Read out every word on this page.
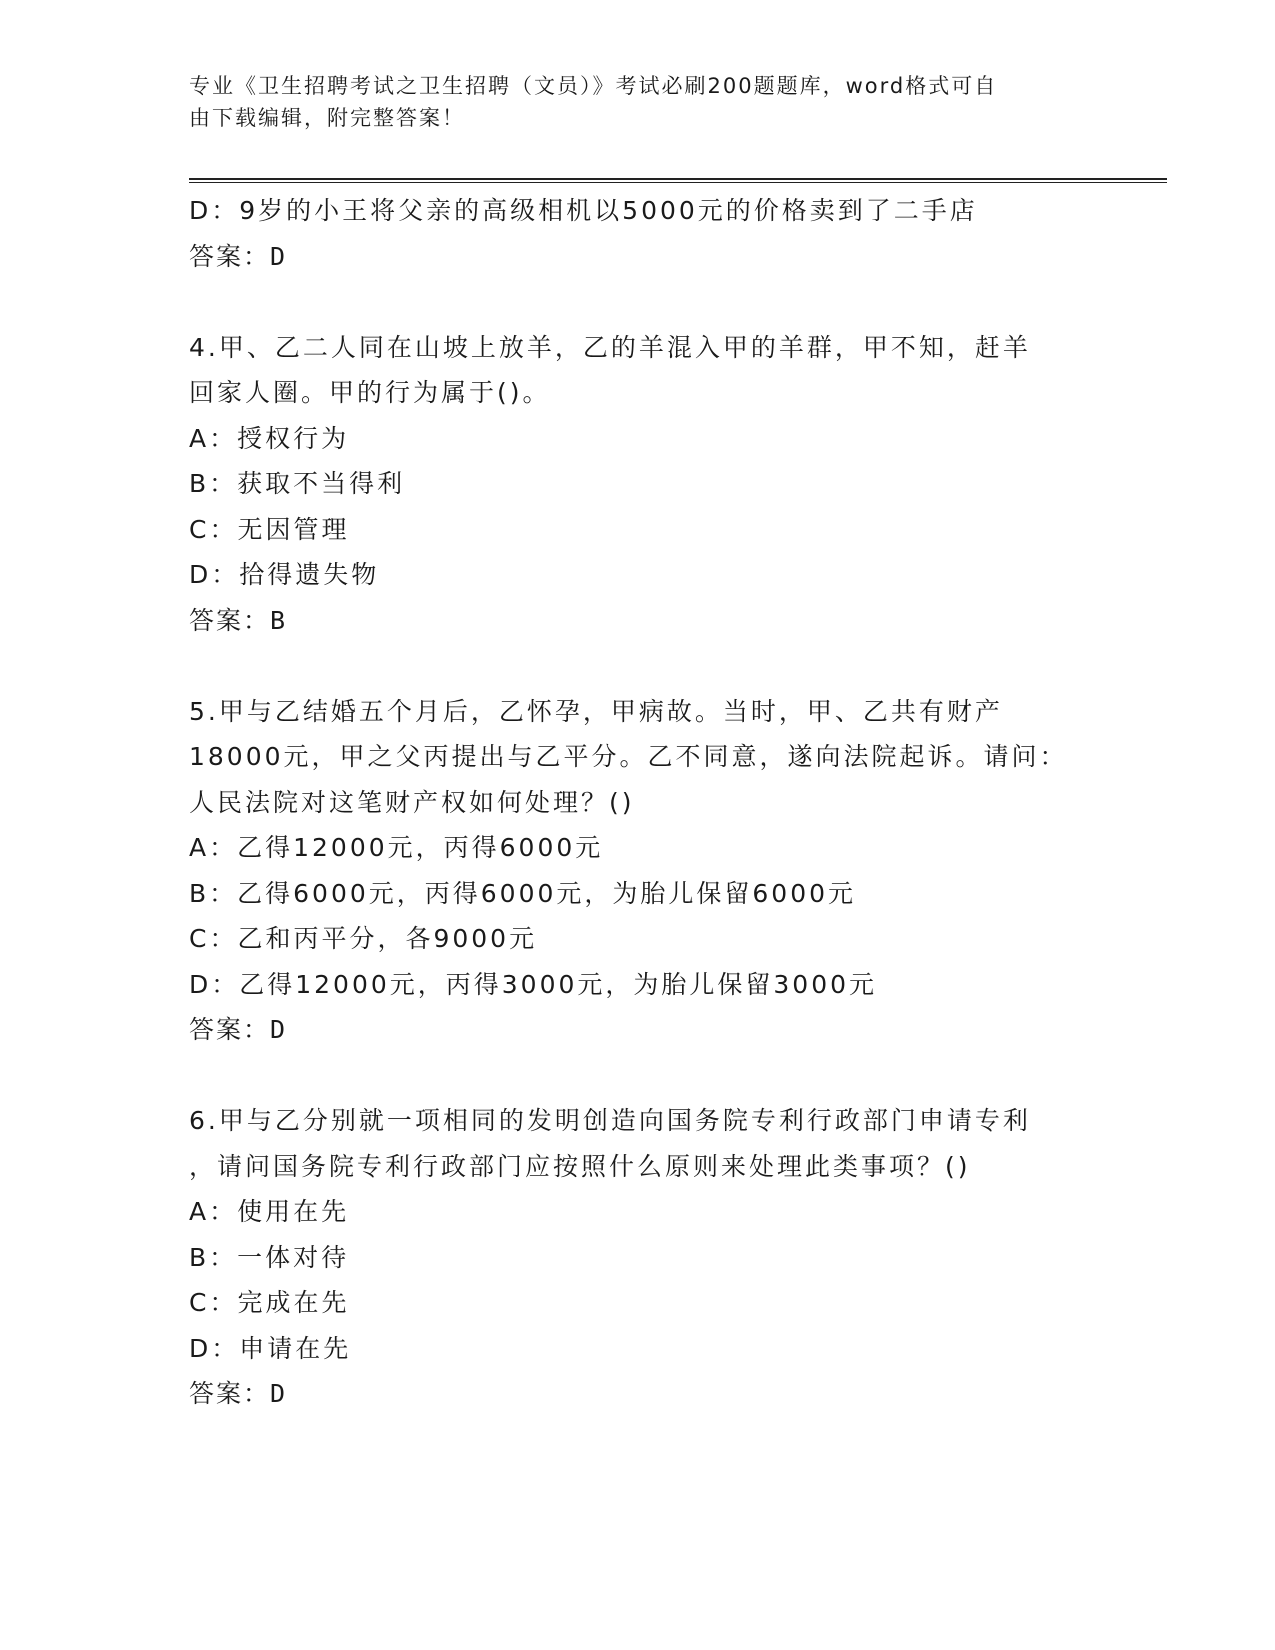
专业《卫生招聘考试之卫生招聘（文员）》考试必刷200题题库，word格式可自
由下载编辑，附完整答案！
D：9岁的小王将父亲的高级相机以5000元的价格卖到了二手店
答案：D
4.甲、乙二人同在山坡上放羊，乙的羊混入甲的羊群，甲不知，赶羊
回家人圈。甲的行为属于()。
A：授权行为
B：获取不当得利
C：无因管理
D：拾得遗失物
答案：B
5.甲与乙结婚五个月后，乙怀孕，甲病故。当时，甲、乙共有财产
18000元，甲之父丙提出与乙平分。乙不同意，遂向法院起诉。请问：
人民法院对这笔财产权如何处理？()
A：乙得12000元，丙得6000元
B：乙得6000元，丙得6000元，为胎儿保留6000元
C：乙和丙平分，各9000元
D：乙得12000元，丙得3000元，为胎儿保留3000元
答案：D
6.甲与乙分别就一项相同的发明创造向国务院专利行政部门申请专利
，请问国务院专利行政部门应按照什么原则来处理此类事项？()
A：使用在先
B：一体对待
C：完成在先
D：申请在先
答案：D
